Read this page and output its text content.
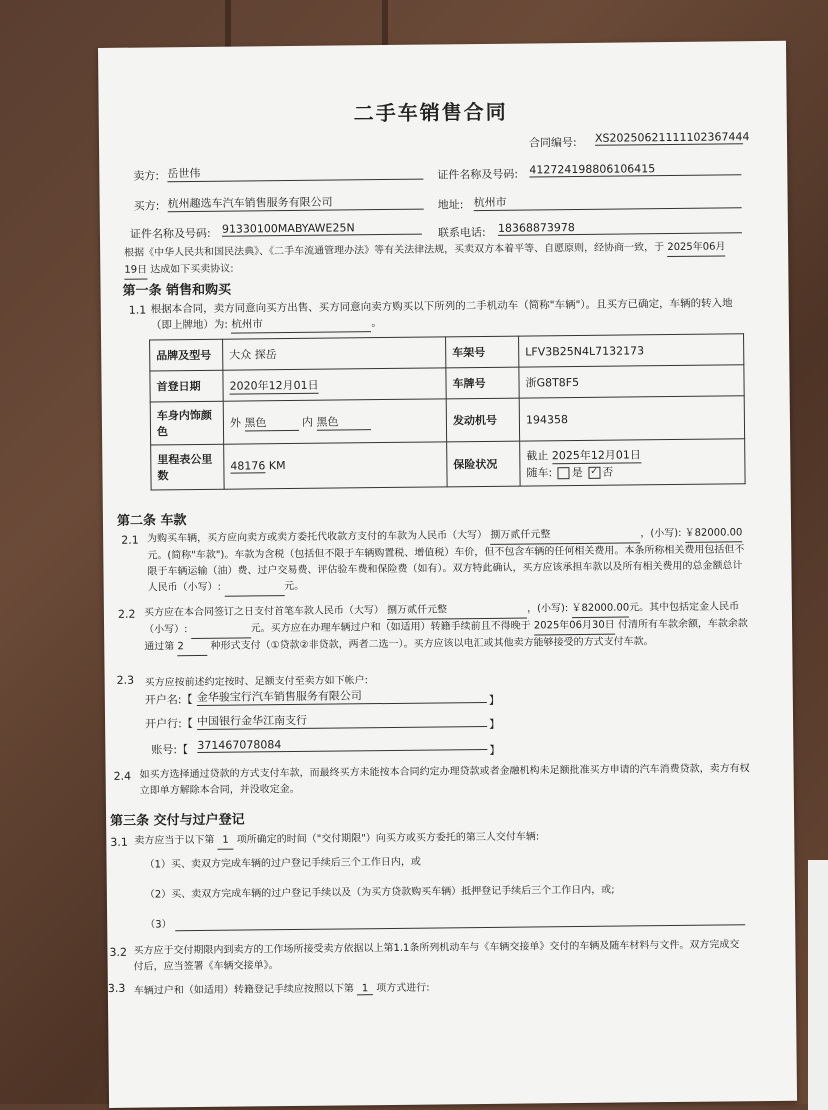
二手车销售合同
合同编号: XS20250621111102367444
卖方: 岳世伟	证件名称及号码: 412724198806106415
买方: 杭州趣选车汽车销售服务有限公司	地址: 杭州市
证件名称及号码: 91330100MABYAWE25N	联系电话: 18368873978
根据《中华人民共和国民法典》、《二手车流通管理办法》等有关法律法规，买卖双方本着平等、自愿原则，经协商一致，于 2025年06月 19日 达成如下买卖协议:
第一条 销售和购买
1.1 根据本合同，卖方同意向买方出售、买方同意向卖方购买以下所列的二手机动车（简称"车辆"）。且买方已确定，车辆的转入地（即上牌地）为: 杭州市	。
品牌及型号	大众 探岳	车架号	LFV3B25N4L7132173
首登日期	2020年12月01日	车牌号	浙G8T8F5
车身内饰颜色	外 黑色 内 黑色	发动机号	194358
里程表公里数	48176 KM	保险状况	截止 2025年12月01日
随车: 是 ✓ 否
第二条 车款
2.1 为购买车辆，买方应向卖方或卖方委托代收款方支付的车款为人民币（大写） 捌万贰仟元整	，(小写): ￥82000.00元。(简称"车款")。车款为含税（包括但不限于车辆购置税、增值税）车价，但不包含车辆的任何相关费用。本条所称相关费用包括但不限于车辆运输（油）费、过户交易费、评估验车费和保险费（如有）。双方特此确认，买方应该承担车款以及所有相关费用的总金额总计人民币（小写）:	元。
2.2 买方应在本合同签订之日支付首笔车款人民币（大写） 捌万贰仟元整	，(小写): ￥82000.00元。其中包括定金人民币（小写）:	元。买方应在办理车辆过户和（如适用）转籍手续前且不得晚于 2025年06月30日 付清所有车款余额，车款余款通过第 2	种形式支付（①贷款②非贷款，两者二选一）。买方应该以电汇或其他卖方能够接受的方式支付车款。
2.3 买方应按前述约定按时、足额支付至卖方如下帐户:
开户名:【 金华骏宝行汽车销售服务有限公司	】
开户行:【 中国银行金华江南支行	】
账号:【 371467078084	】
2.4 如买方选择通过贷款的方式支付车款，而最终买方未能按本合同约定办理贷款或者金融机构未足额批准买方申请的汽车消费贷款，卖方有权立即单方解除本合同，并没收定金。
第三条 交付与过户登记
3.1 卖方应当于以下第 1 项所确定的时间（"交付期限"）向买方或买方委托的第三人交付车辆:
（1）买、卖双方完成车辆的过户登记手续后三个工作日内，或
（2）买、卖双方完成车辆的过户登记手续以及（为买方贷款购买车辆）抵押登记手续后三个工作日内，或;
（3）
3.2 买方应于交付期限内到卖方的工作场所接受卖方依据以上第1.1条所列机动车与《车辆交接单》交付的车辆及随车材料与文件。双方完成交付后，应当签署《车辆交接单》。
3.3 车辆过户和（如适用）转籍登记手续应按照以下第 1 项方式进行:
